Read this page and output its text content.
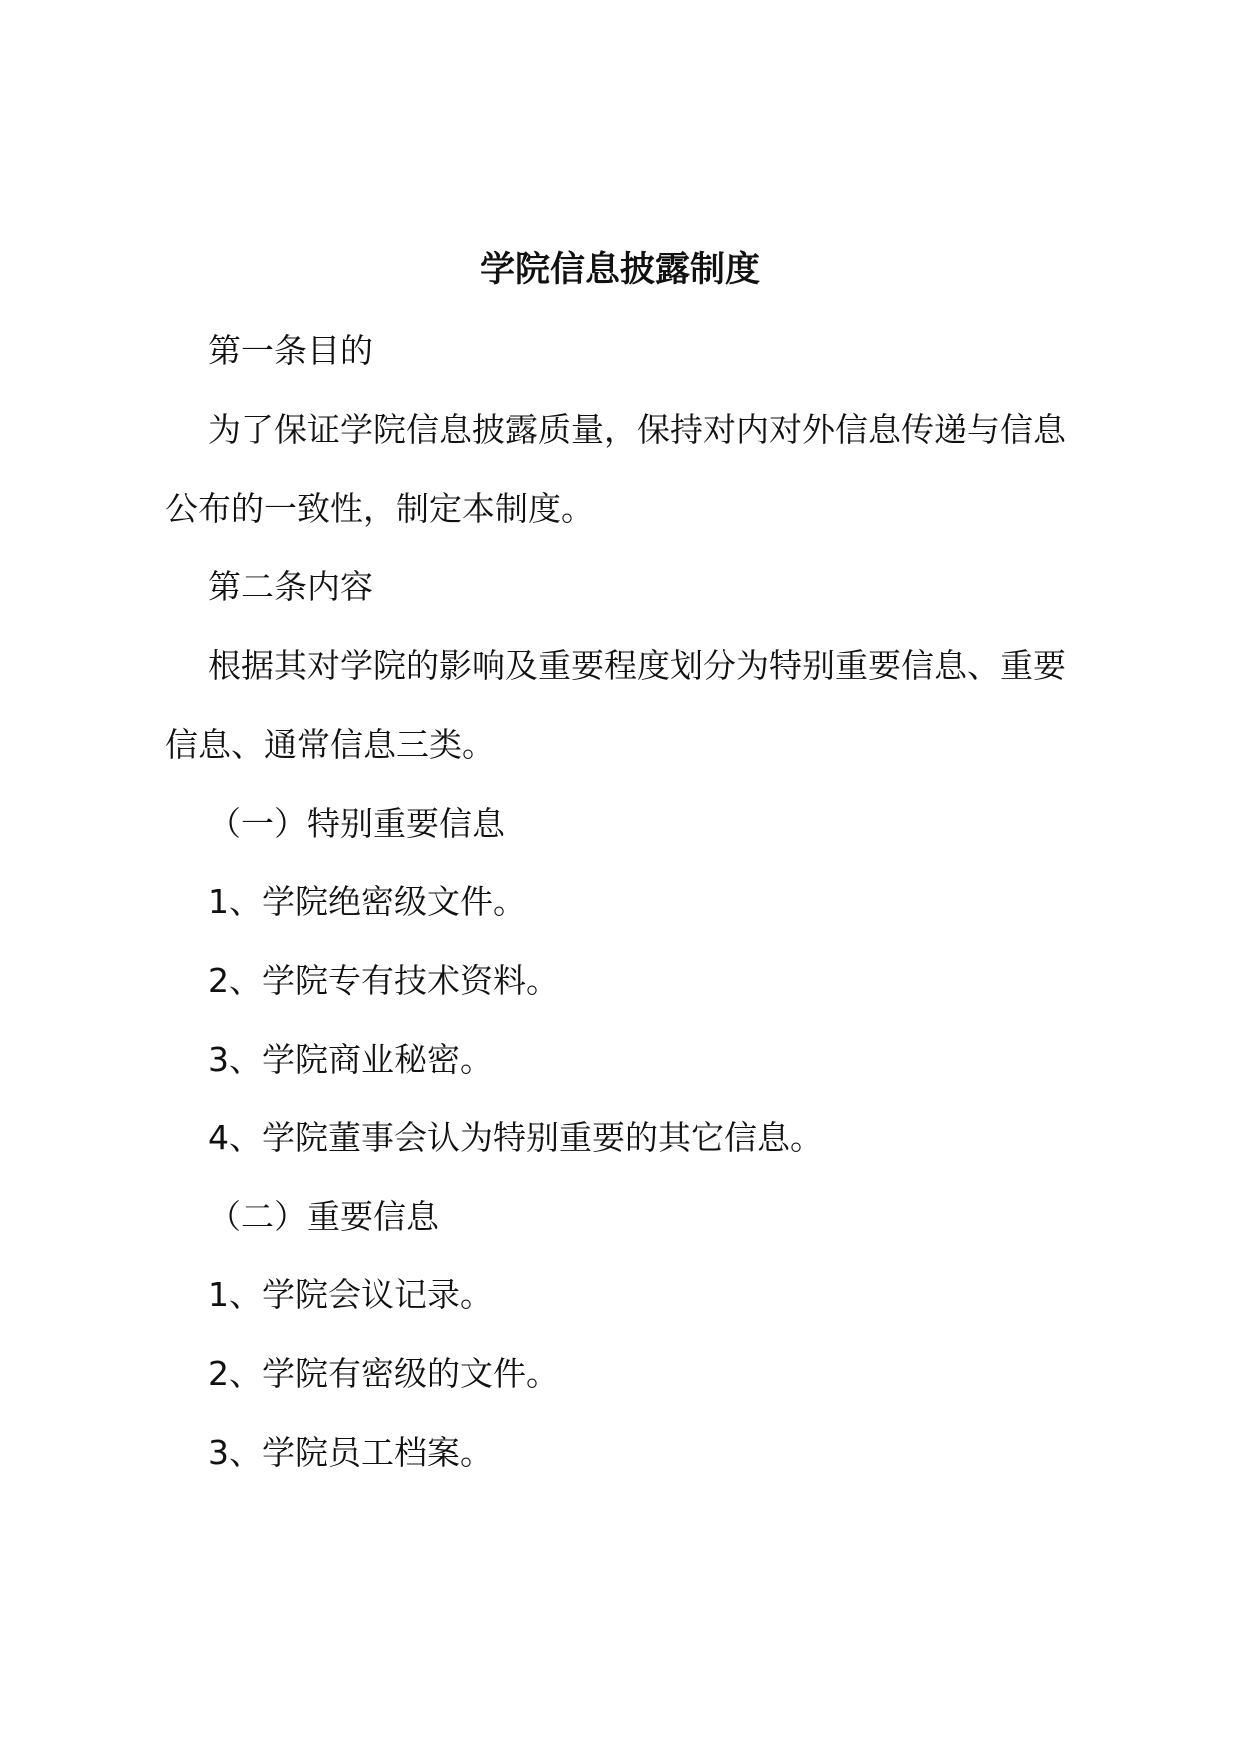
学院信息披露制度
第一条目的
为了保证学院信息披露质量，保持对内对外信息传递与信息
公布的一致性，制定本制度。
第二条内容
根据其对学院的影响及重要程度划分为特别重要信息、重要
信息、通常信息三类。
（一）特别重要信息
1、学院绝密级文件。
2、学院专有技术资料。
3、学院商业秘密。
4、学院董事会认为特别重要的其它信息。
（二）重要信息
1、学院会议记录。
2、学院有密级的文件。
3、学院员工档案。
